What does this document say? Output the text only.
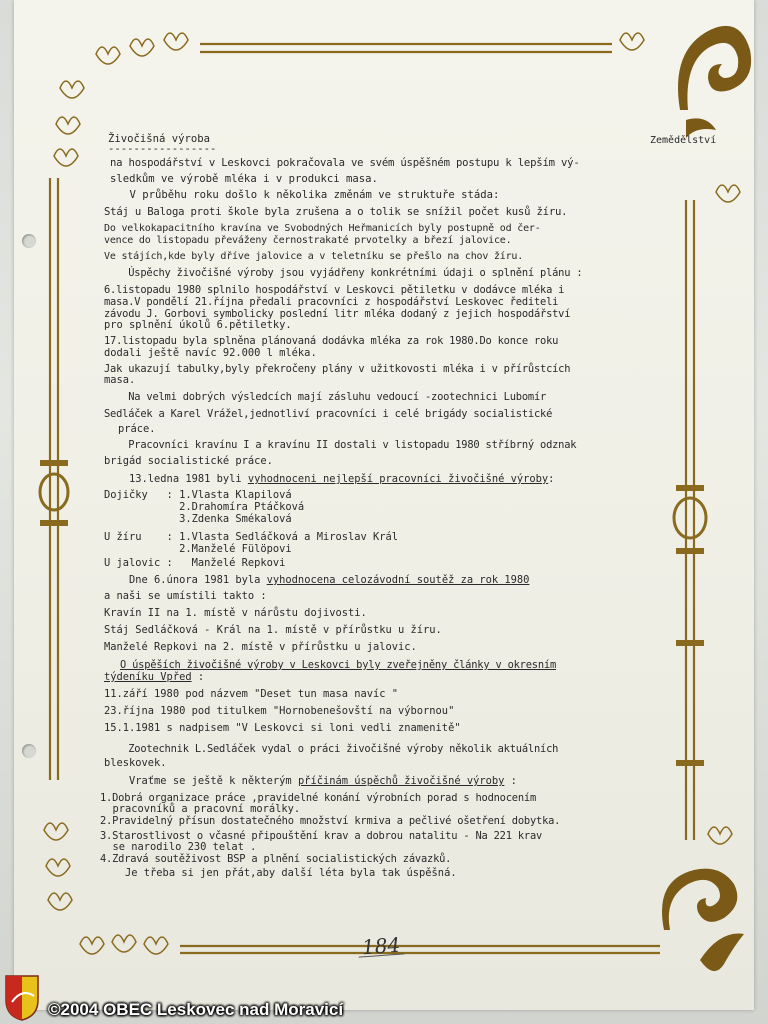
Živočišná výroba
-----------------
Zemědělství
na hospodářství v Leskovci pokračovala ve svém úspěšném postupu k lepším vý-
sledkům ve výrobě mléka i v produkci masa.
V průběhu roku došlo k několika změnám ve struktuře stáda:
Stáj u Baloga proti škole byla zrušena a o tolik se snížil počet kusů žíru.
Do velkokapacitního kravína ve Svobodných Heřmanicích byly postupně od čer-
vence do listopadu převáženy černostrakaté prvotelky a březí jalovice.
Ve stájích,kde byly dříve jalovice a v teletníku se přešlo na chov žíru.
Úspěchy živočišné výroby jsou vyjádřeny konkrétními údaji o splnění plánu :
6.listopadu 1980 splnilo hospodářství v Leskovci pětiletku v dodávce mléka i
masa.V pondělí 21.října předali pracovníci z hospodářství Leskovec řediteli
závodu J. Gorbovi symbolicky poslední litr mléka dodaný z jejich hospodářství
pro splnění úkolů 6.pětiletky.
17.listopadu byla splněna plánovaná dodávka mléka za rok 1980.Do konce roku
dodali ještě navíc 92.000 l mléka.
Jak ukazují tabulky,byly překročeny plány v užitkovosti mléka i v přírůstcích
masa.
Na velmi dobrých výsledcích mají zásluhu vedoucí -zootechnici Lubomír
Sedláček a Karel Vrážel,jednotliví pracovníci i celé brigády socialistické
práce.
Pracovníci kravínu I a kravínu II dostali v listopadu 1980 stříbrný odznak
brigád socialistické práce.
13.ledna 1981 byli vyhodnoceni nejlepší pracovníci živočišné výroby:
Dojičky   : 1.Vlasta Klapilová
2.Drahomíra Ptáčková
3.Zdenka Smékalová
U žíru    : 1.Vlasta Sedláčková a Miroslav Král
2.Manželé Fülöpovi
U jalovic :   Manželé Repkovi
Dne 6.února 1981 byla vyhodnocena celozávodní soutěž za rok 1980
a naši se umístili takto :
Kravín II na 1. místě v nárůstu dojivosti.
Stáj Sedláčková - Král na 1. místě v přírůstku u žíru.
Manželé Repkovi na 2. místě v přírůstku u jalovic.
O úspěších živočišné výroby v Leskovci byly zveřejněny články v okresním
týdeníku Vpřed :
11.září 1980 pod názvem "Deset tun masa navíc "
23.října 1980 pod titulkem "Hornobenešovští na výbornou"
15.1.1981 s nadpisem "V Leskovci si loni vedli znamenitě"
Zootechnik L.Sedláček vydal o práci živočišné výroby několik aktuálních
bleskovek.
Vraťme se ještě k některým příčinám úspěchů živočišné výroby :
1.Dobrá organizace práce ,pravidelné konání výrobních porad s hodnocením
pracovníků a pracovní morálky.
2.Pravidelný přísun dostatečného množství krmiva a pečlivé ošetření dobytka.
3.Starostlivost o včasné připouštění krav a dobrou natalitu - Na 221 krav
se narodilo 230 telat .
4.Zdravá soutěživost BSP a plnění socialistických závazků.
Je třeba si jen přát,aby další léta byla tak úspěšná.
184
©2004 OBEC Leskovec nad Moravicí
